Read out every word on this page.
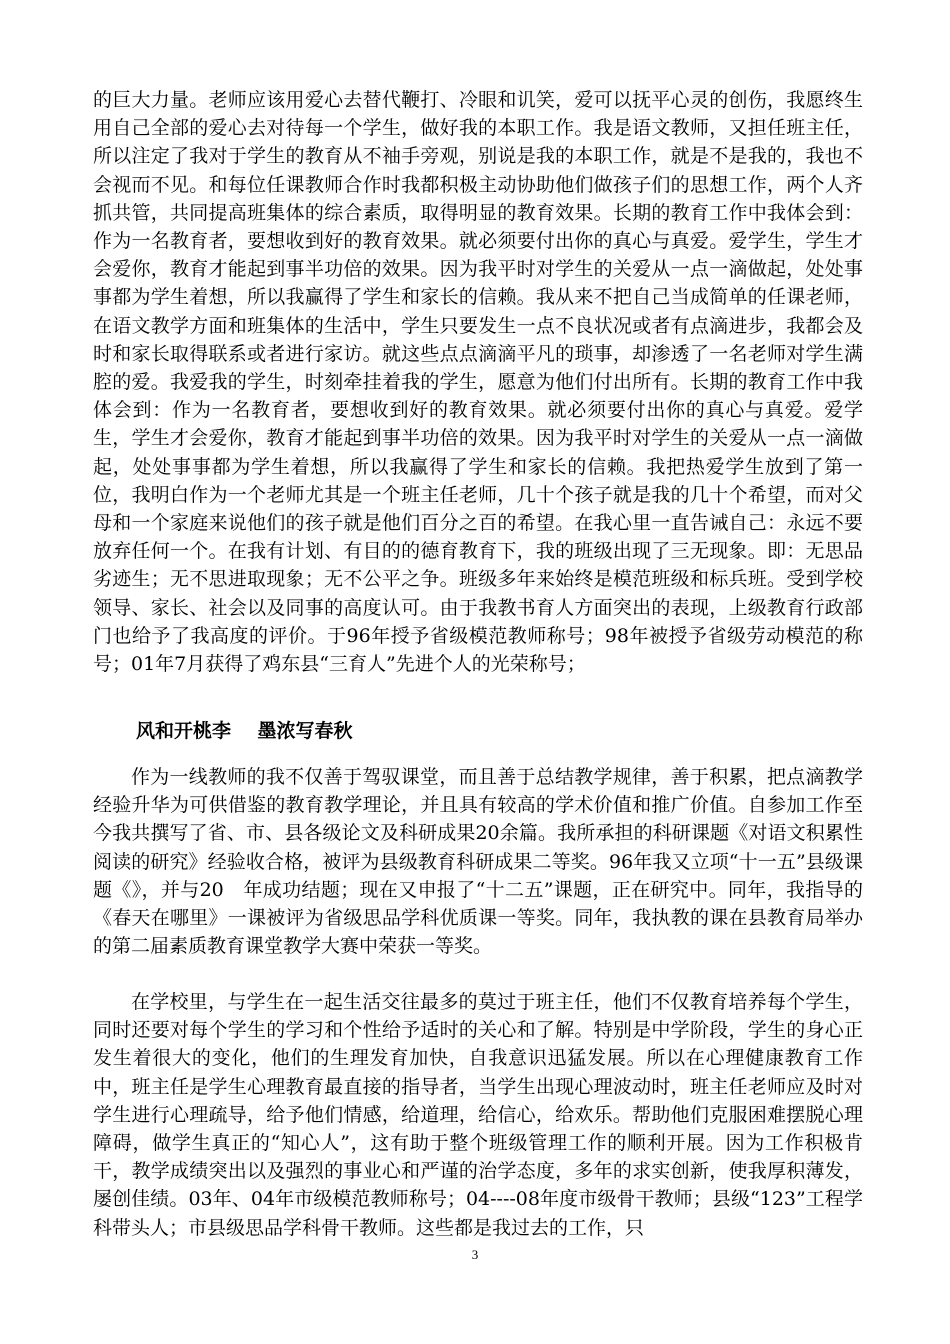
的巨大力量。老师应该用爱心去替代鞭打、冷眼和讥笑，爱可以抚平心灵的创伤，我愿终生用自己全部的爱心去对待每一个学生，做好我的本职工作。我是语文教师，又担任班主任，所以注定了我对于学生的教育从不袖手旁观，别说是我的本职工作，就是不是我的，我也不会视而不见。和每位任课教师合作时我都积极主动协助他们做孩子们的思想工作，两个人齐抓共管，共同提高班集体的综合素质，取得明显的教育效果。长期的教育工作中我体会到：作为一名教育者，要想收到好的教育效果。就必须要付出你的真心与真爱。爱学生，学生才会爱你，教育才能起到事半功倍的效果。因为我平时对学生的关爱从一点一滴做起，处处事事都为学生着想，所以我赢得了学生和家长的信赖。我从来不把自己当成简单的任课老师，在语文教学方面和班集体的生活中，学生只要发生一点不良状况或者有点滴进步，我都会及时和家长取得联系或者进行家访。就这些点点滴滴平凡的琐事，却渗透了一名老师对学生满腔的爱。我爱我的学生，时刻牵挂着我的学生，愿意为他们付出所有。长期的教育工作中我体会到：作为一名教育者，要想收到好的教育效果。就必须要付出你的真心与真爱。爱学生，学生才会爱你，教育才能起到事半功倍的效果。因为我平时对学生的关爱从一点一滴做起，处处事事都为学生着想，所以我赢得了学生和家长的信赖。我把热爱学生放到了第一位，我明白作为一个老师尤其是一个班主任老师，几十个孩子就是我的几十个希望，而对父母和一个家庭来说他们的孩子就是他们百分之百的希望。在我心里一直告诫自己：永远不要放弃任何一个。在我有计划、有目的的德育教育下，我的班级出现了三无现象。即：无思品劣迹生；无不思进取现象；无不公平之争。班级多年来始终是模范班级和标兵班。受到学校领导、家长、社会以及同事的高度认可。由于我教书育人方面突出的表现，上级教育行政部门也给予了我高度的评价。于96年授予省级模范教师称号；98年被授予省级劳动模范的称号；01年7月获得了鸡东县“三育人”先进个人的光荣称号；
风和开桃李    墨浓写春秋
作为一线教师的我不仅善于驾驭课堂，而且善于总结教学规律，善于积累，把点滴教学经验升华为可供借鉴的教育教学理论，并且具有较高的学术价值和推广价值。自参加工作至今我共撰写了省、市、县各级论文及科研成果20余篇。我所承担的科研课题《对语文积累性阅读的研究》经验收合格，被评为县级教育科研成果二等奖。96年我又立项“十一五”县级课题《》，并与20　年成功结题；现在又申报了“十二五”课题，正在研究中。同年，我指导的《春天在哪里》一课被评为省级思品学科优质课一等奖。同年，我执教的课在县教育局举办的第二届素质教育课堂教学大赛中荣获一等奖。
在学校里，与学生在一起生活交往最多的莫过于班主任，他们不仅教育培养每个学生，同时还要对每个学生的学习和个性给予适时的关心和了解。特别是中学阶段，学生的身心正发生着很大的变化，他们的生理发育加快，自我意识迅猛发展。所以在心理健康教育工作中，班主任是学生心理教育最直接的指导者，当学生出现心理波动时，班主任老师应及时对学生进行心理疏导，给予他们情感，给道理，给信心，给欢乐。帮助他们克服困难摆脱心理障碍，做学生真正的“知心人”，这有助于整个班级管理工作的顺利开展。因为工作积极肯干，教学成绩突出以及强烈的事业心和严谨的治学态度，多年的求实创新，使我厚积薄发，屡创佳绩。03年、04年市级模范教师称号；04----08年度市级骨干教师；县级“123”工程学科带头人；市县级思品学科骨干教师。这些都是我过去的工作，只
3
